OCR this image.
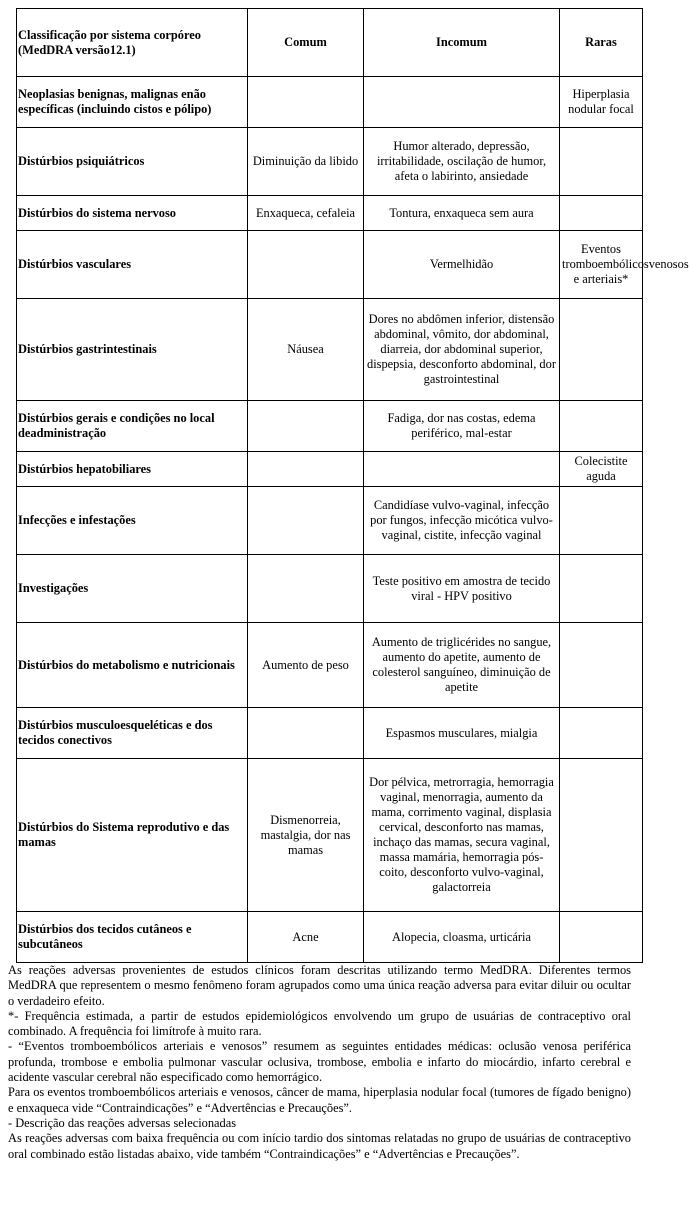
Classificação por sistema corpóreo (MedDRA versão12.1)	Comum	Incomum	Raras
Neoplasias benignas, malignas enão específicas (incluindo cistos e pólipo)			Hiperplasia nodular focal
Distúrbios psiquiátricos	Diminuição da libido	Humor alterado, depressão, irritabilidade, oscilação de humor, afeta o labirinto, ansiedade	
Distúrbios do sistema nervoso	Enxaqueca, cefaleia	Tontura, enxaqueca sem aura	
Distúrbios vasculares		Vermelhidão	Eventos tromboembólicosvenosos e arteriais*
Distúrbios gastrintestinais	Náusea	Dores no abdômen inferior, distensão abdominal, vômito, dor abdominal, diarreia, dor abdominal superior, dispepsia, desconforto abdominal, dor gastrointestinal	
Distúrbios gerais e condições no local deadministração		Fadiga, dor nas costas, edema periférico, mal-estar	
Distúrbios hepatobiliares			Colecistite aguda
Infecções e infestações		Candidíase vulvo-vaginal, infecção por fungos, infecção micótica vulvo-vaginal, cistite, infecção vaginal	
Investigações		Teste positivo em amostra de tecido viral - HPV positivo	
Distúrbios do metabolismo e nutricionais	Aumento de peso	Aumento de triglicérides no sangue, aumento do apetite, aumento de colesterol sanguíneo, diminuição de apetite	
Distúrbios musculoesqueléticas e dos tecidos conectivos		Espasmos musculares, mialgia	
Distúrbios do Sistema reprodutivo e das mamas	Dismenorreia, mastalgia, dor nas mamas	Dor pélvica, metrorragia, hemorragia vaginal, menorragia, aumento da mama, corrimento vaginal, displasia cervical, desconforto nas mamas, inchaço das mamas, secura vaginal, massa mamária, hemorragia pós-coito, desconforto vulvo-vaginal, galactorreia	
Distúrbios dos tecidos cutâneos e subcutâneos	Acne	Alopecia, cloasma, urticária	

As reações adversas provenientes de estudos clínicos foram descritas utilizando termo MedDRA. Diferentes termos MedDRA que representem o mesmo fenômeno foram agrupados como uma única reação adversa para evitar diluir ou ocultar o verdadeiro efeito.

*- Frequência estimada, a partir de estudos epidemiológicos envolvendo um grupo de usuárias de contraceptivo oral combinado. A frequência foi limítrofe à muito rara.

- “Eventos tromboembólicos arteriais e venosos” resumem as seguintes entidades médicas: oclusão venosa periférica profunda, trombose e embolia pulmonar vascular oclusiva, trombose, embolia e infarto do miocárdio, infarto cerebral e acidente vascular cerebral não especificado como hemorrágico.

Para os eventos tromboembólicos arteriais e venosos, câncer de mama, hiperplasia nodular focal (tumores de fígado benigno) e enxaqueca vide “Contraindicações” e “Advertências e Precauções”.

- Descrição das reações adversas selecionadas

As reações adversas com baixa frequência ou com início tardio dos sintomas relatadas no grupo de usuárias de contraceptivo oral combinado estão listadas abaixo, vide também “Contraindicações” e “Advertências e Precauções”.
